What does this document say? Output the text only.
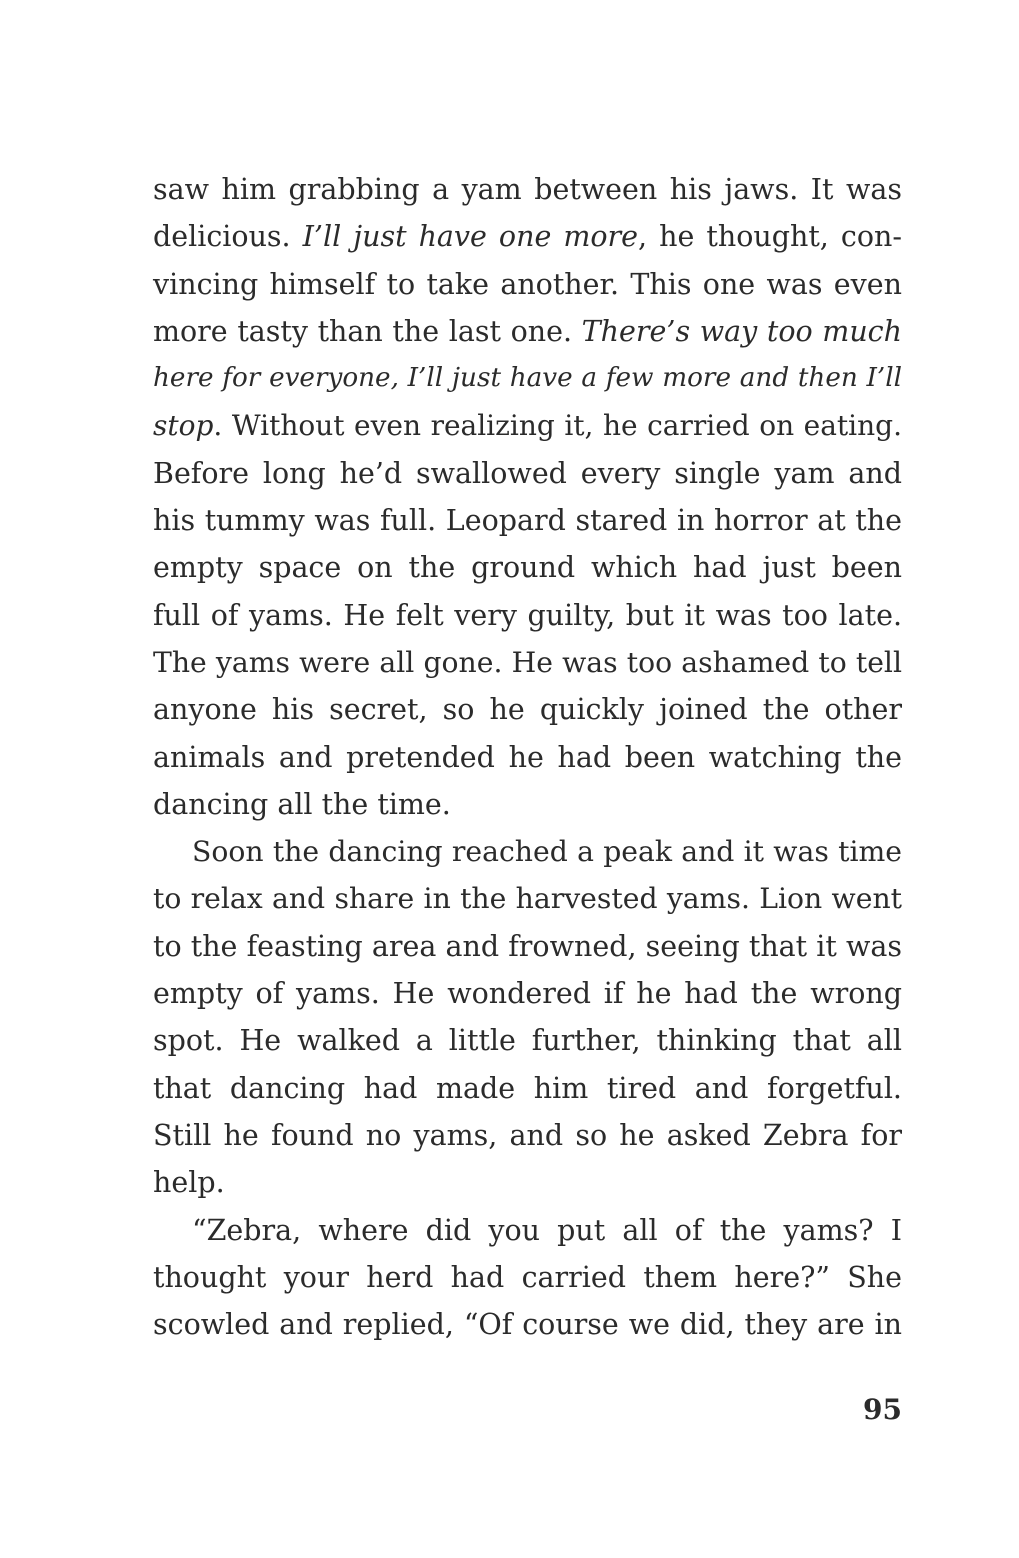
saw him grabbing a yam between his jaws. It was
delicious. I’ll just have one more, he thought, con-
vincing himself to take another. This one was even
more tasty than the last one. There’s way too much
here for everyone, I’ll just have a few more and then I’ll
stop. Without even realizing it, he carried on eating.
Before long he’d swallowed every single yam and
his tummy was full. Leopard stared in horror at the
empty space on the ground which had just been
full of yams. He felt very guilty, but it was too late.
The yams were all gone. He was too ashamed to tell
anyone his secret, so he quickly joined the other
animals and pretended he had been watching the
dancing all the time.
Soon the dancing reached a peak and it was time
to relax and share in the harvested yams. Lion went
to the feasting area and frowned, seeing that it was
empty of yams. He wondered if he had the wrong
spot. He walked a little further, thinking that all
that dancing had made him tired and forgetful.
Still he found no yams, and so he asked Zebra for
help.
“Zebra, where did you put all of the yams? I
thought your herd had carried them here?” She
scowled and replied, “Of course we did, they are in
95
